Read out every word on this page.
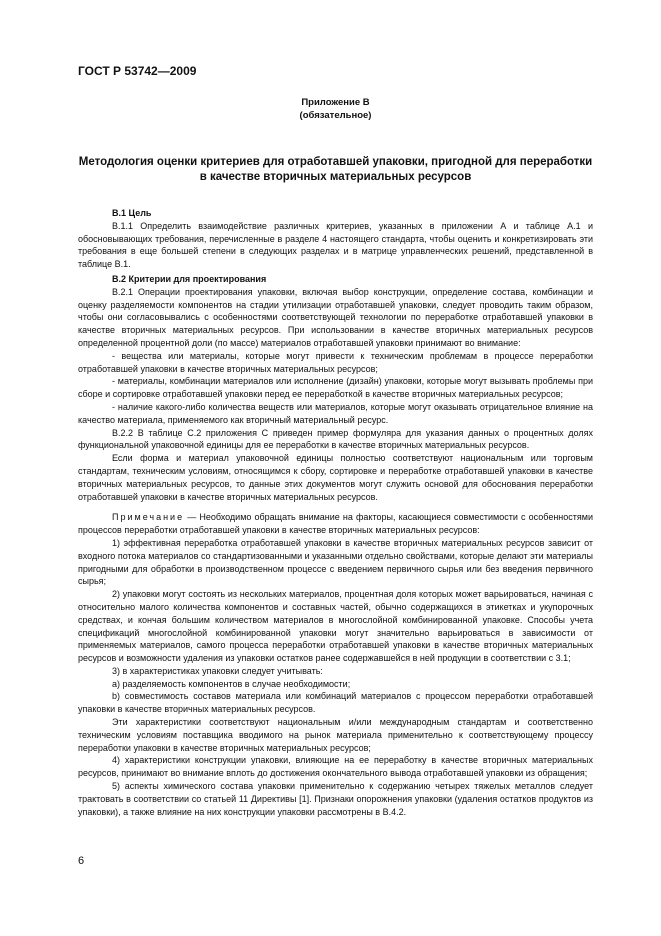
ГОСТ Р 53742—2009
Приложение В
(обязательное)
Методология оценки критериев для отработавшей упаковки, пригодной для переработки
в качестве вторичных материальных ресурсов

В.1 Цель

В.1.1 Определить взаимодействие различных критериев, указанных в приложении А и таблице А.1 и обосновывающих требования, перечисленные в разделе 4 настоящего стандарта, чтобы оценить и конкретизировать эти требования в еще большей степени в следующих разделах и в матрице управленческих решений, представленной в таблице В.1.

В.2 Критерии для проектирования

В.2.1 Операции проектирования упаковки, включая выбор конструкции, определение состава, комбинации и оценку разделяемости компонентов на стадии утилизации отработавшей упаковки, следует проводить таким образом, чтобы они согласовывались с особенностями соответствующей технологии по переработке отработавшей упаковки в качестве вторичных материальных ресурсов. При использовании в качестве вторичных материальных ресурсов определенной процентной доли (по массе) материалов отработавшей упаковки принимают во внимание:

- вещества или материалы, которые могут привести к техническим проблемам в процессе переработки отработавшей упаковки в качестве вторичных материальных ресурсов;

- материалы, комбинации материалов или исполнение (дизайн) упаковки, которые могут вызывать проблемы при сборе и сортировке отработавшей упаковки перед ее переработкой в качестве вторичных материальных ресурсов;

- наличие какого-либо количества веществ или материалов, которые могут оказывать отрицательное влияние на качество материала, применяемого как вторичный материальный ресурс.

В.2.2 В таблице С.2 приложения С приведен пример формуляра для указания данных о процентных долях функциональной упаковочной единицы для ее переработки в качестве вторичных материальных ресурсов.

Если форма и материал упаковочной единицы полностью соответствуют национальным или торговым стандартам, техническим условиям, относящимся к сбору, сортировке и переработке отработавшей упаковки в качестве вторичных материальных ресурсов, то данные этих документов могут служить основой для обоснования переработки отработавшей упаковки в качестве вторичных материальных ресурсов.

Примечание — Необходимо обращать внимание на факторы, касающиеся совместимости с особенностями процессов переработки отработавшей упаковки в качестве вторичных материальных ресурсов:

1) эффективная переработка отработавшей упаковки в качестве вторичных материальных ресурсов зависит от входного потока материалов со стандартизованными и указанными отдельно свойствами, которые делают эти материалы пригодными для обработки в производственном процессе с введением первичного сырья или без введения первичного сырья;

2) упаковки могут состоять из нескольких материалов, процентная доля которых может варьироваться, начиная с относительно малого количества компонентов и составных частей, обычно содержащихся в этикетках и укупорочных средствах, и кончая большим количеством материалов в многослойной комбинированной упаковке. Способы учета спецификаций многослойной комбинированной упаковки могут значительно варьироваться в зависимости от применяемых материалов, самого процесса переработки отработавшей упаковки в качестве вторичных материальных ресурсов и возможности удаления из упаковки остатков ранее содержавшейся в ней продукции в соответствии с 3.1;

3) в характеристиках упаковки следует учитывать:

а) разделяемость компонентов в случае необходимости;

b) совместимость составов материала или комбинаций материалов с процессом переработки отработавшей упаковки в качестве вторичных материальных ресурсов.

Эти характеристики соответствуют национальным и/или международным стандартам и соответственно техническим условиям поставщика вводимого на рынок материала применительно к соответствующему процессу переработки упаковки в качестве вторичных материальных ресурсов;

4) характеристики конструкции упаковки, влияющие на ее переработку в качестве вторичных материальных ресурсов, принимают во внимание вплоть до достижения окончательного вывода отработавшей упаковки из обращения;

5) аспекты химического состава упаковки применительно к содержанию четырех тяжелых металлов следует трактовать в соответствии со статьей 11 Директивы [1]. Признаки опорожнения упаковки (удаления остатков продуктов из упаковки), а также влияние на них конструкции упаковки рассмотрены в В.4.2.

6
